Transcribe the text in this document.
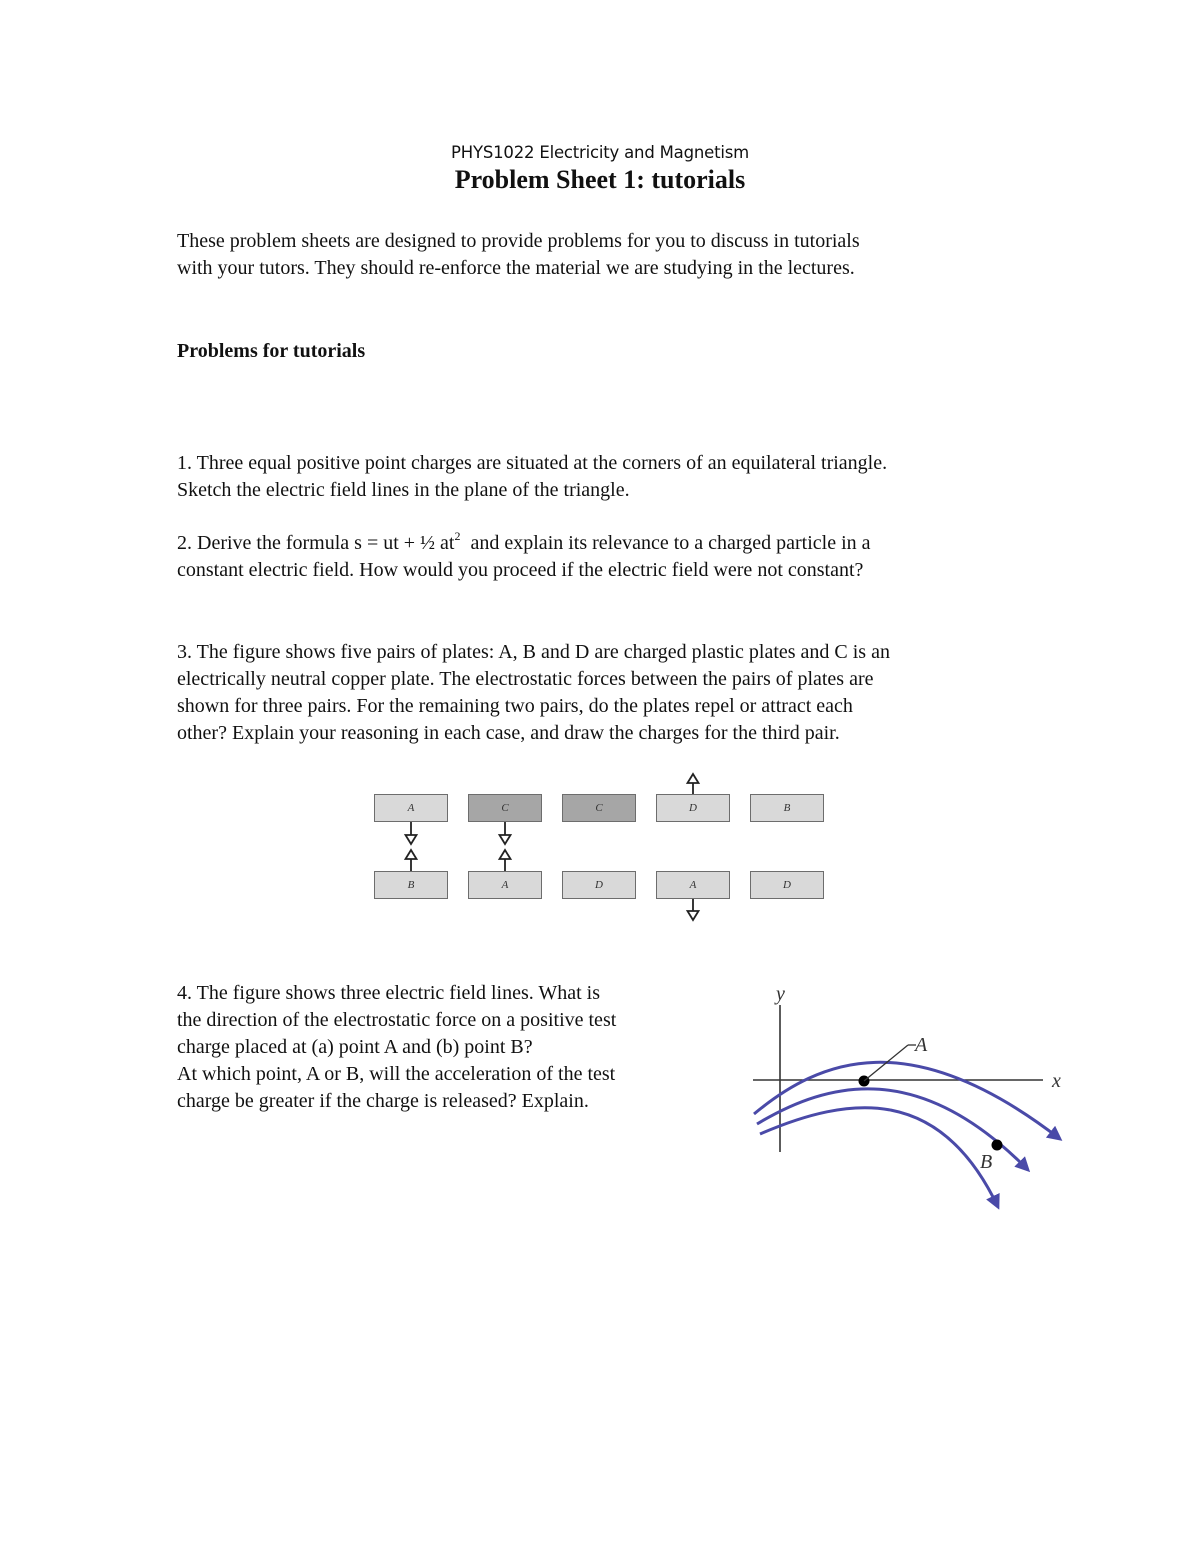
PHYS1022 Electricity and Magnetism
Problem Sheet 1: tutorials
These problem sheets are designed to provide problems for you to discuss in tutorials
with your tutors. They should re-enforce the material we are studying in the lectures.
Problems for tutorials
1. Three equal positive point charges are situated at the corners of an equilateral triangle.
Sketch the electric field lines in the plane of the triangle.
2. Derive the formula s = ut + ½ $at^2$  and explain its relevance to a charged particle in a
constant electric field. How would you proceed if the electric field were not constant?
3. The figure shows five pairs of plates: A, B and D are charged plastic plates and C is an
electrically neutral copper plate. The electrostatic forces between the pairs of plates are
shown for three pairs. For the remaining two pairs, do the plates repel or attract each
other? Explain your reasoning in each case, and draw the charges for the third pair.
A	C	C	D	B
B	A	D	A	D
4. The figure shows three electric field lines. What is
the direction of the electrostatic force on a positive test
charge placed at (a) point A and (b) point B?
At which point, A or B, will the acceleration of the test
charge be greater if the charge is released? Explain.
y
x
A
B
